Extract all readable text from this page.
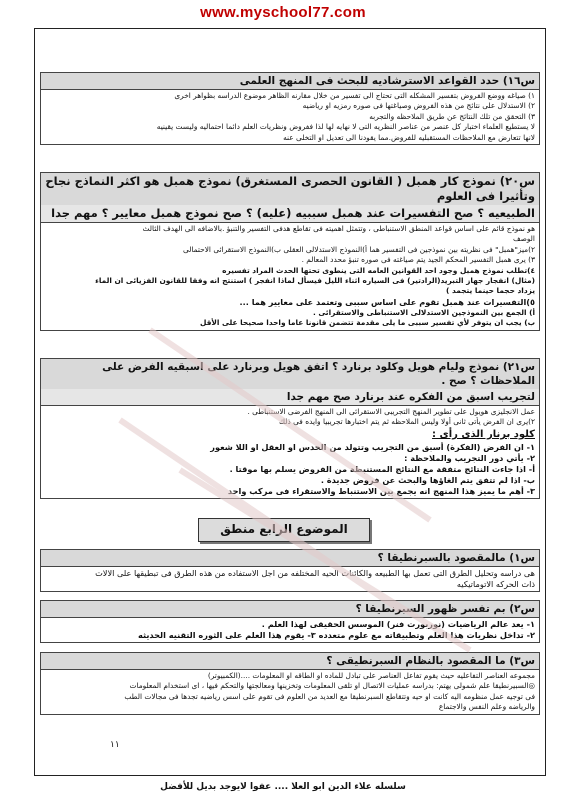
www.myschool77.com
س١٦) حدد القواعد الاسترشاديه للبحث فى المنهج العلمى
١) صياغه ووضع الفروض بتفسير المشكله التى تحتاج الى تفسير من خلال مقارنه الظاهر موضوع الدراسه بظواهر اخرى
٢) الاستدلال على نتائج من هذه الفروض وصياغتها فى صوره رمزيه او رياضيه
٣) التحقق من تلك النتائج عن طريق الملاحظه والتجربه
لا يستطيع العلماء اختبار كل عنصر من عناصر النظريه التى لا نهايه لها لذا ففروض ونظريات العلم دائما احتماليه وليست يقينيه
لانها تتعارض مع الملاحظات المستقبليه للفروض.مما يقودنا الى تعديل او التخلى عنه
س٢٠) نموذج كار همبل ( القانون الحصرى المستغرق) نموذج همبل هو اكثر النماذج نجاح وتأثيرا فى العلوم
الطبيعيه ؟ صح التفسيرات عند همبل سببيه (عليه) ؟ صح نموذج همبل معايير ؟ مهم جدا
هو نموذج قائم على اساس قواعد المنطق الاستنباطى ، وتتمثل اهميته فى تقاطع هدفى التفسير والتنبؤ .بالاضافه الى الهدف الثالث
الوصف
٢)ميز"همبل" فى نظريته بين نموذجين فى التفسير هما أ)النموذج الاستدلالى العقلى ب)النموذج الاستقرائى الاحتمالى
٣) يرى همبل التفسير المحكم الجيد يتم صياغته فى صوره تنبؤ محدد المعالم .
٤)تطلب نموذج همبل وجود احد القوانين العامه التى ينطوى تحتها الحدث المراد تفسيره
(مثال) انفجار جهاز التبريد(الرادتير) فى السياره اثناء الليل فيسأل لماذا انفجر ) استنتج انه وفقا للقانون الفزيائى ان الماء
يزداد حجما حينما يتجمد )
٥)التفسيرات عند همبل تقوم على اساس سببى وتعتمد على معايير هما ...
أ) الجمع بين النموذجين الاستدلالى الاستنباطى والاستقرائى .
ب) يجب ان يتوفر لأي تفسير سببى ما يلى مقدمة تتضمن قانونا عاما واحدا صحيحا على الأقل
س٢١) نموذج وليام هويل وكلود برنارد ؟ اتفق هويل وبرنارد على اسبقيه الفرض على الملاحظات ؟ صح .
لتجريب اسبق من الفكره عند برنارد صح مهم جدا
عمل الانجليزى هويول على تطوير المنهج التجريبى الاستقرائى الى المنهج الفرضى الاستنباطى .
٢)يرى ان الفرض يأتى ثانى أولا وليس الملاحظه ثم يتم اختبارها تجريبيا وايده فى ذلك
كلود برنار الذى رأى :
١- ان الفرض (الفكرة) أسبق من التجريب وتتولد من الحدس او العقل او اللا شعور
٢- يأتي دور التجريب والملاحظة :
أ- اذا جاءت النتائج متفقة مع النتائج المستنبطة من الفروض يسلم بها موقتا .
ب- اذا لم تتفق يتم الغاؤها والبحث عن فروض جديدة .
٣- أهم ما يميز هذا المنهج انه يجمع بين الاستنباط والاستقراء فى مركب واحد
الموضوع الرابع منطق
س١) مالمقصود بالسبرنطيقا ؟
هى دراسه وتحليل الطرق التى تعمل بها الطبيعه والكائنات الحيه المختلفه من اجل الاستفاده من هذه الطرق فى تبطيقها على الالات
ذات الحركه الاتوماتيكيه
س٢) بم تفسر ظهور السبرنطيقا ؟
١- يعد عالم الرياضيات (نوربورت فنر) الموسس الحقيقى لهذا العلم .
٢- تداخل نظريات هذا العلم وتطبيقاته مع علوم متعدده ٣- يقوم هذا العلم على الثوره التقنيه الحديثه
س٣) ما المقصود بالنظام السبرنطيقى ؟
مجموعه العناصر التفاعليه حيث يقوم تفاعل العناصر على تبادل للماده او الطاقه او المعلومات ....(الكمبيوتر)
◎السبيرنطيقا علم شمولى يهتم: بدراسه عمليات الاتصال او تلقى المعلومات وتخزينها ومعالجتها والتحكم فيها ، اى استخدام المعلومات
فى توجيه عمل منظومه اليه كانت او حيه وتتقاطع السبرنطيقا مع العديد من العلوم فى تقوم على اسس رياضيه تجدها فى مجالات الطب
والرياضه وعلم النفس والاجتماع
١١
سلسله علاء الدين ابو العلا .... عفوا لايوجد بديل للأفضل
